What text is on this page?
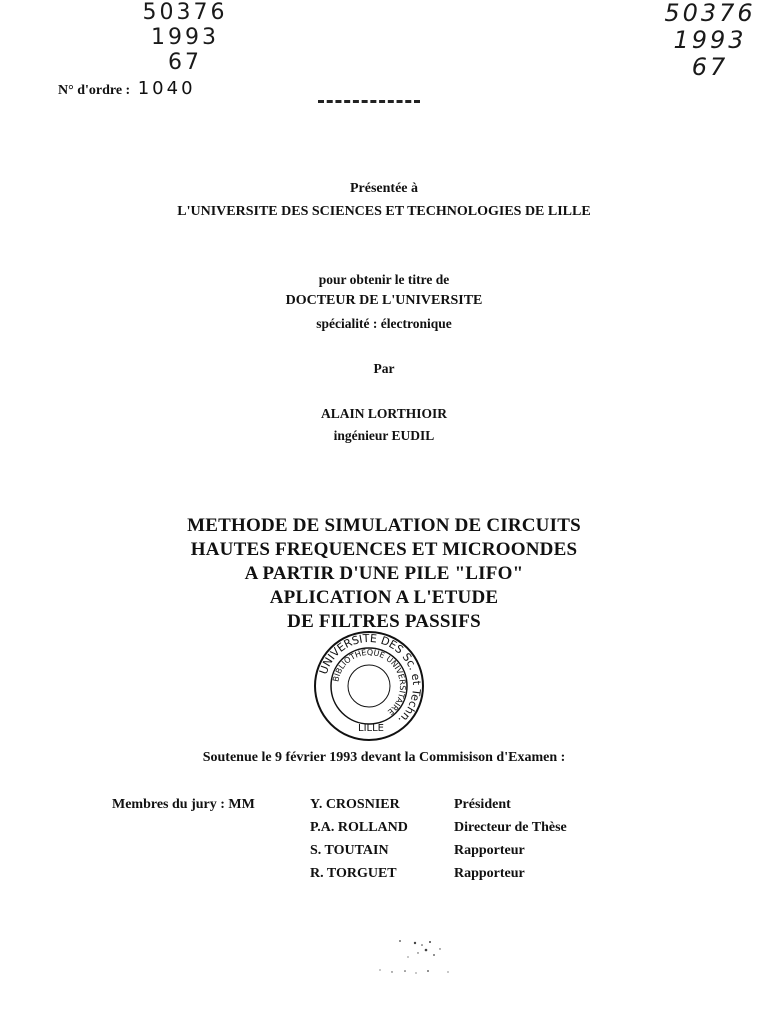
50376
1993
67
50376
1993
67
N° d'ordre : 1040
Présentée à
L'UNIVERSITE DES SCIENCES ET TECHNOLOGIES DE LILLE
pour obtenir le titre de
DOCTEUR DE L'UNIVERSITE
spécialité : électronique
Par
ALAIN LORTHIOIR
ingénieur EUDIL
METHODE DE SIMULATION DE CIRCUITS
HAUTES FREQUENCES ET MICROONDES
A PARTIR D'UNE PILE "LIFO"
APLICATION A L'ETUDE
DE FILTRES PASSIFS
UNIVERSITE DES Sc. et Techn.
BIBLIOTHEQUE UNIVERSITAIRE
LILLE
Soutenue le 9 février 1993 devant la Commisison d'Examen :
Membres du jury : MM	Y. CROSNIER
P.A. ROLLAND
S. TOUTAIN
R. TORGUET
Président
Directeur de Thèse
Rapporteur
Rapporteur
